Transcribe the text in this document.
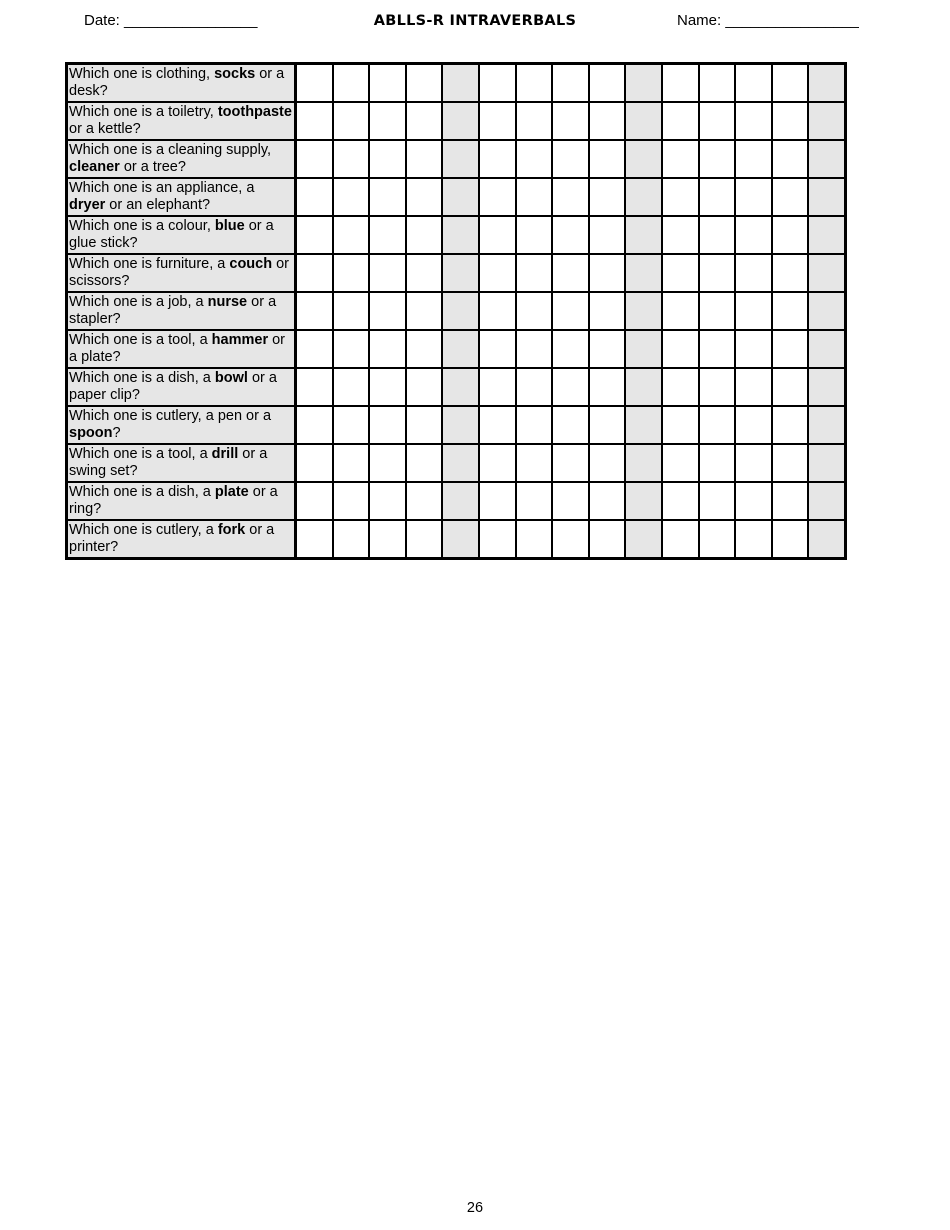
Date: ________________	ABLLS-R INTRAVERBALS	Name: ________________
Which one is clothing, socks or a desk?															
Which one is a toiletry, toothpaste or a kettle?															
Which one is a cleaning supply, cleaner or a tree?															
Which one is an appliance, a dryer or an elephant?															
Which one is a colour, blue or a glue stick?															
Which one is furniture, a couch or scissors?															
Which one is a job, a nurse or a stapler?															
Which one is a tool, a hammer or a plate?															
Which one is a dish, a bowl or a paper clip?															
Which one is cutlery, a pen or a spoon?															
Which one is a tool, a drill or a swing set?															
Which one is a dish, a plate or a ring?															
Which one is cutlery, a fork or a printer?															
26
